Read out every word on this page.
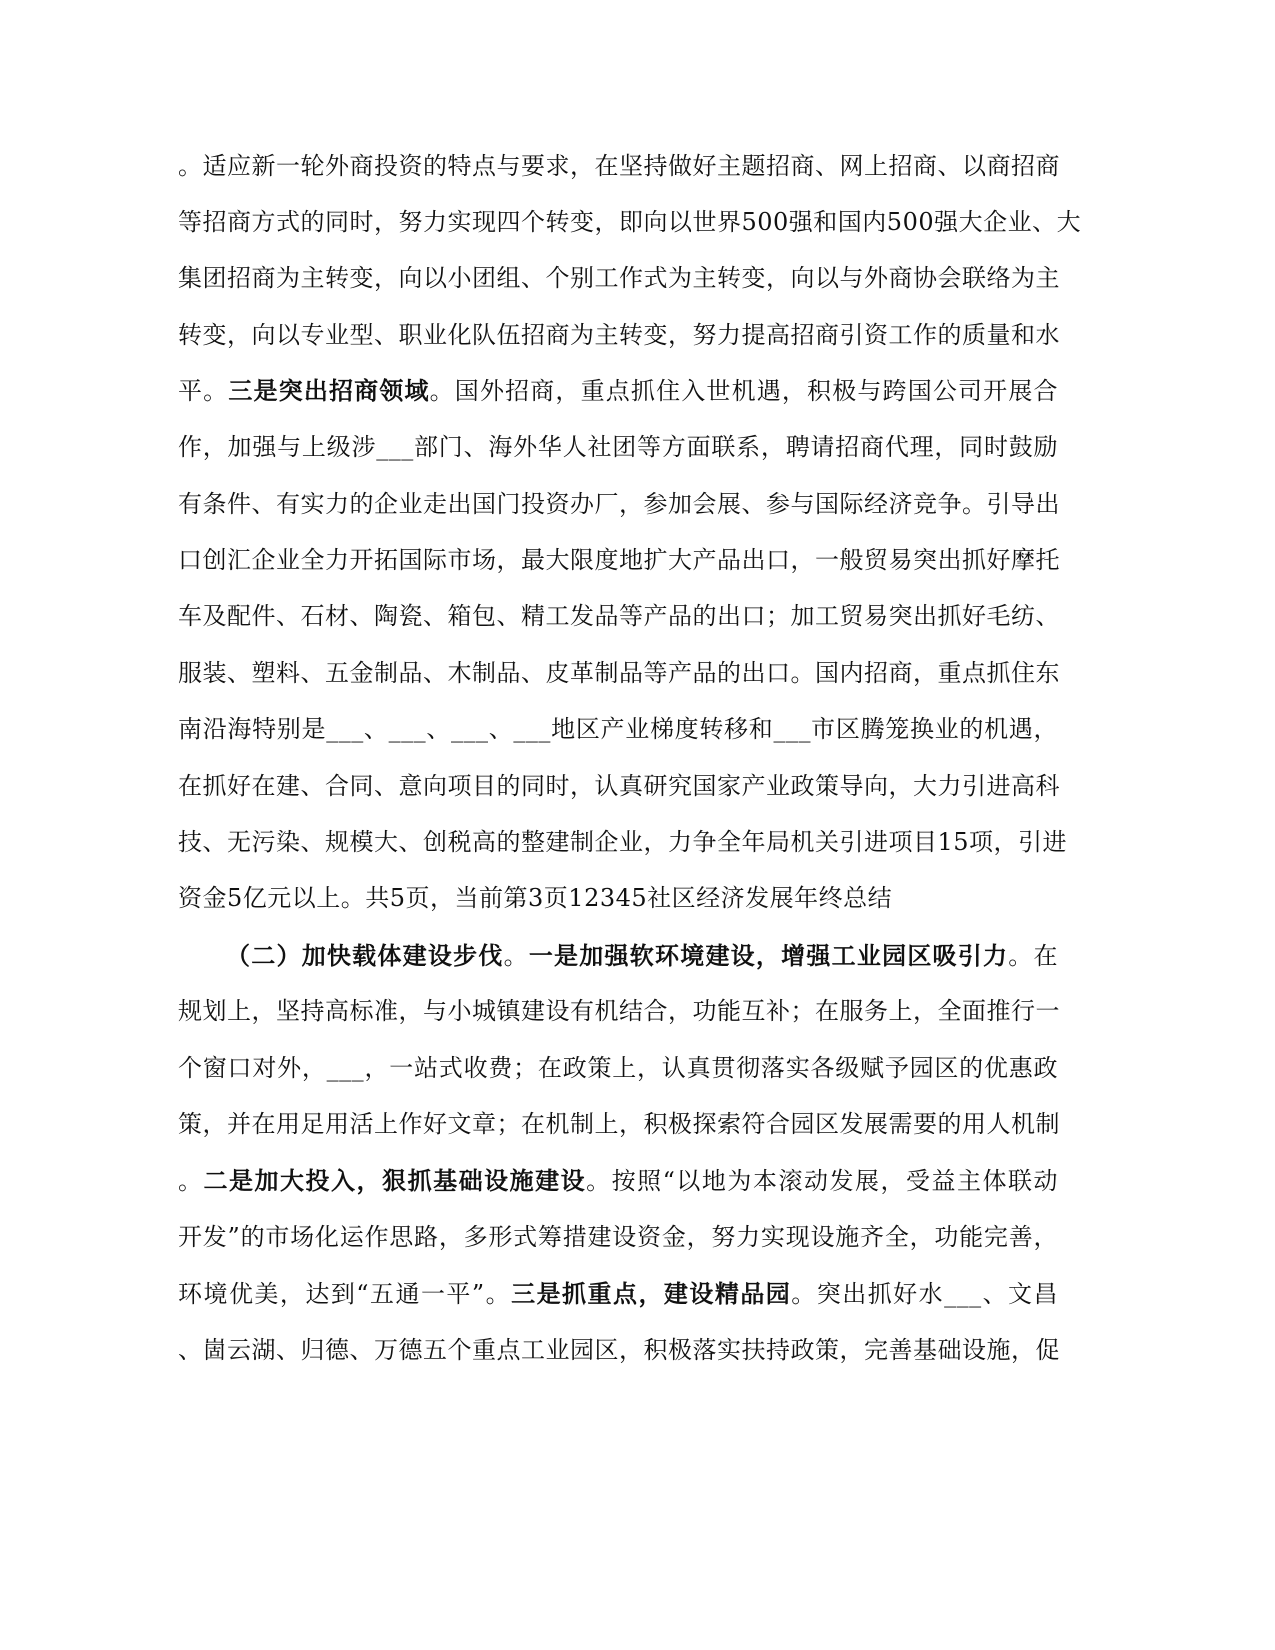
。适应新一轮外商投资的特点与要求，在坚持做好主题招商、网上招商、以商招商
等招商方式的同时，努力实现四个转变，即向以世界500强和国内500强大企业、大
集团招商为主转变，向以小团组、个别工作式为主转变，向以与外商协会联络为主
转变，向以专业型、职业化队伍招商为主转变，努力提高招商引资工作的质量和水
平。三是突出招商领域。国外招商，重点抓住入世机遇，积极与跨国公司开展合
作，加强与上级涉___部门、海外华人社团等方面联系，聘请招商代理，同时鼓励
有条件、有实力的企业走出国门投资办厂，参加会展、参与国际经济竞争。引导出
口创汇企业全力开拓国际市场，最大限度地扩大产品出口，一般贸易突出抓好摩托
车及配件、石材、陶瓷、箱包、精工发品等产品的出口；加工贸易突出抓好毛纺、
服装、塑料、五金制品、木制品、皮革制品等产品的出口。国内招商，重点抓住东
南沿海特别是___、___、___、___地区产业梯度转移和___市区腾笼换业的机遇，
在抓好在建、合同、意向项目的同时，认真研究国家产业政策导向，大力引进高科
技、无污染、规模大、创税高的整建制企业，力争全年局机关引进项目15项，引进
资金5亿元以上。共5页，当前第3页12345社区经济发展年终总结
（二）加快载体建设步伐。一是加强软环境建设，增强工业园区吸引力。在
规划上，坚持高标准，与小城镇建设有机结合，功能互补；在服务上，全面推行一
个窗口对外，___，一站式收费；在政策上，认真贯彻落实各级赋予园区的优惠政
策，并在用足用活上作好文章；在机制上，积极探索符合园区发展需要的用人机制
。二是加大投入，狠抓基础设施建设。按照“以地为本滚动发展，受益主体联动
开发”的市场化运作思路，多形式筹措建设资金，努力实现设施齐全，功能完善，
环境优美，达到“五通一平”。三是抓重点，建设精品园。突出抓好水___、文昌
、崮云湖、归德、万德五个重点工业园区，积极落实扶持政策，完善基础设施，促
